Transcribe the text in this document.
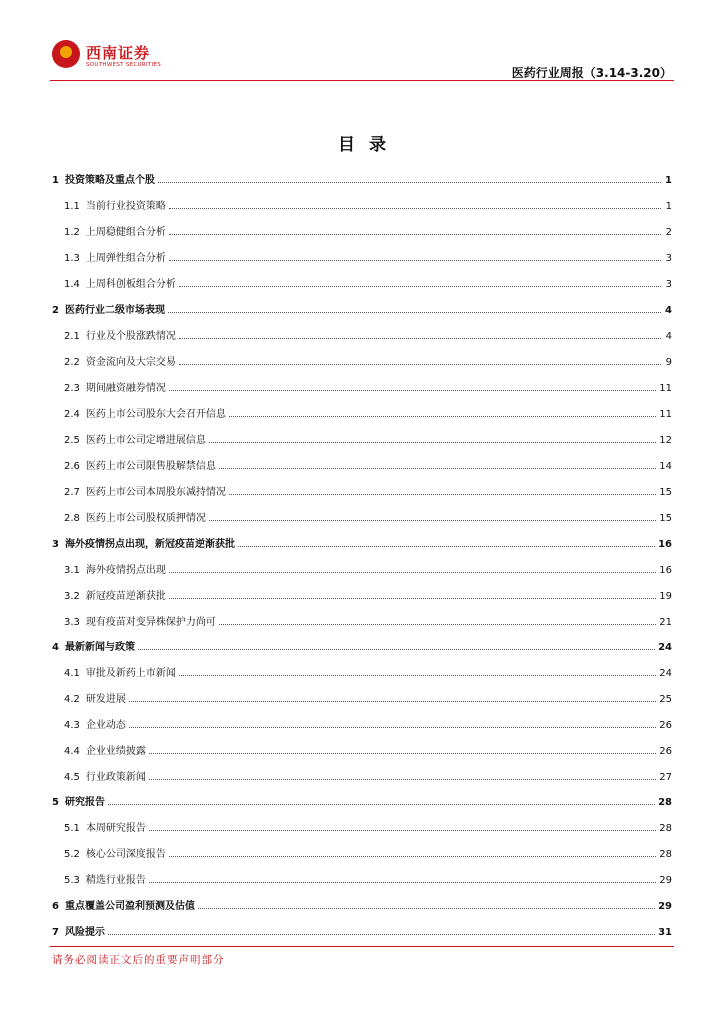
西南证券
SOUTHWEST SECURITIES
医药行业周报（3.14-3.20）
目录
1 投资策略及重点个股	1
1.1 当前行业投资策略	1
1.2 上周稳健组合分析	2
1.3 上周弹性组合分析	3
1.4 上周科创板组合分析	3
2 医药行业二级市场表现	4
2.1 行业及个股涨跌情况	4
2.2 资金流向及大宗交易	9
2.3 期间融资融券情况	11
2.4 医药上市公司股东大会召开信息	11
2.5 医药上市公司定增进展信息	12
2.6 医药上市公司限售股解禁信息	14
2.7 医药上市公司本周股东减持情况	15
2.8 医药上市公司股权质押情况	15
3 海外疫情拐点出现，新冠疫苗逆渐获批	16
3.1 海外疫情拐点出现	16
3.2 新冠疫苗逆渐获批	19
3.3 现有疫苗对变异株保护力尚可	21
4 最新新闻与政策	24
4.1 审批及新药上市新闻	24
4.2 研发进展	25
4.3 企业动态	26
4.4 企业业绩披露	26
4.5 行业政策新闻	27
5 研究报告	28
5.1 本周研究报告	28
5.2 核心公司深度报告	28
5.3 精选行业报告	29
6 重点覆盖公司盈利预测及估值	29
7 风险提示	31
请务必阅读正文后的重要声明部分
